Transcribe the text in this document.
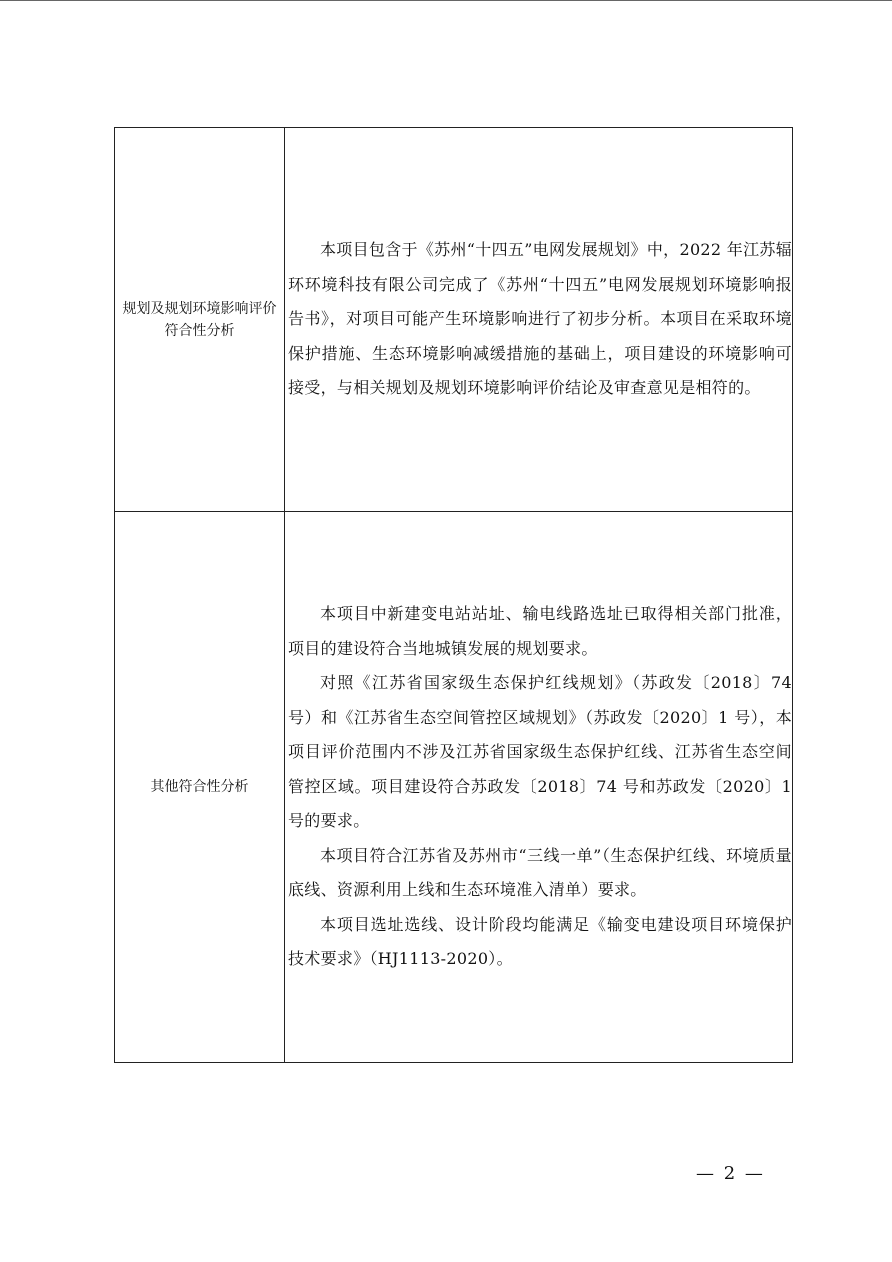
规划及规划环境影响评价符合性分析	本项目包含于《苏州“十四五”电网发展规划》中，2022 年江苏辐环环境科技有限公司完成了《苏州“十四五”电网发展规划环境影响报告书》，对项目可能产生环境影响进行了初步分析。本项目在采取环境保护措施、生态环境影响减缓措施的基础上，项目建设的环境影响可接受，与相关规划及规划环境影响评价结论及审查意见是相符的。

其他符合性分析	本项目中新建变电站站址、输电线路选址已取得相关部门批准，项目的建设符合当地城镇发展的规划要求。

对照《江苏省国家级生态保护红线规划》（苏政发〔2018〕74 号）和《江苏省生态空间管控区域规划》（苏政发〔2020〕1 号），本项目评价范围内不涉及江苏省国家级生态保护红线、江苏省生态空间管控区域。项目建设符合苏政发〔2018〕74 号和苏政发〔2020〕1 号的要求。

本项目符合江苏省及苏州市“三线一单”（生态保护红线、环境质量底线、资源利用上线和生态环境准入清单）要求。

本项目选址选线、设计阶段均能满足《输变电建设项目环境保护技术要求》（HJ1113-2020）。

— 2 —
